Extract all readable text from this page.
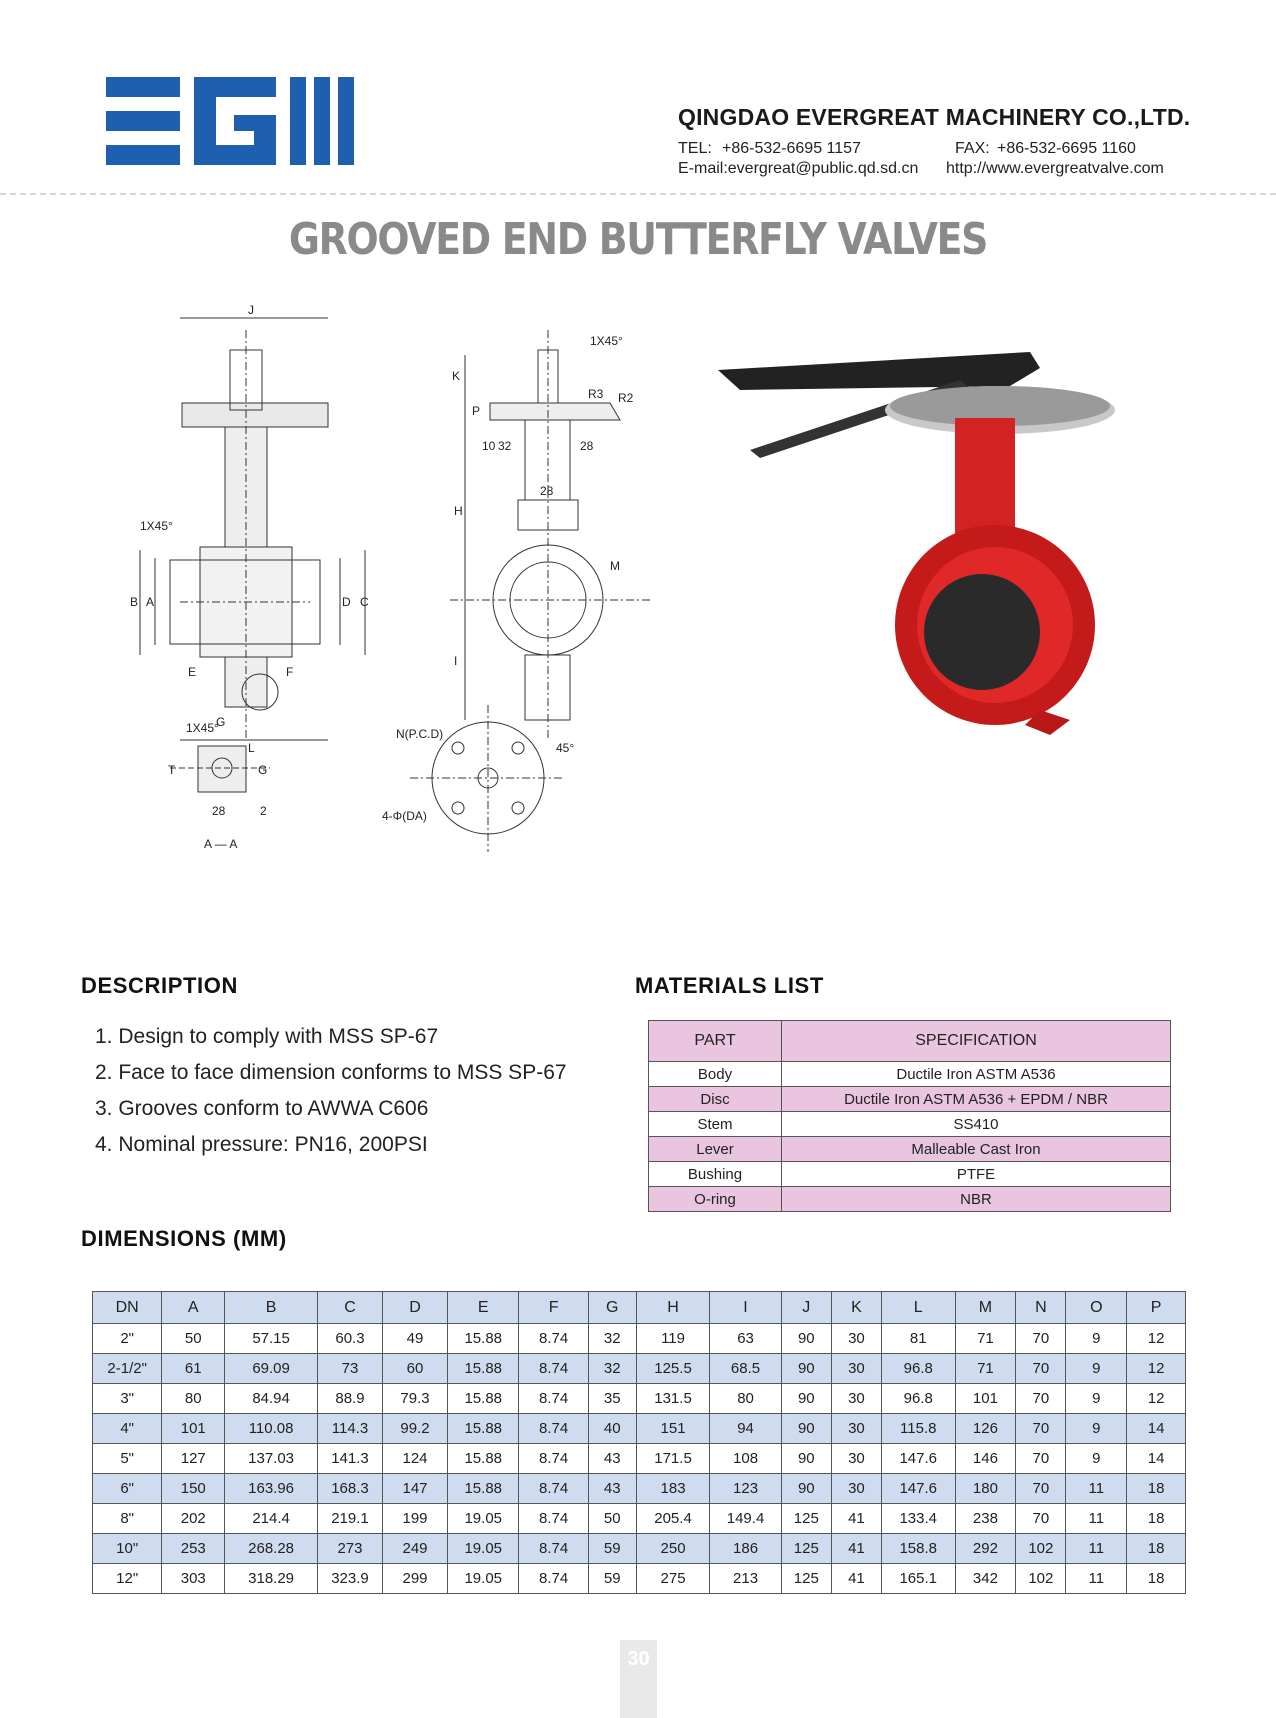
QINGDAO EVERGREAT MACHINERY CO.,LTD.
TEL: +86-532-6695 1157	FAX: +86-532-6695 1160
E-mail:evergreat@public.qd.sd.cn http://www.evergreatvalve.com
GROOVED END BUTTERFLY VALVES
J
1X45°
B A	D C
E	F
1X45°
L
K
P
10 32	28
28
H
I
M
1X45°
R3 R2
G
T	G
28	2
A — A
N(P.C.D)
4-Φ(DA)
45°
DESCRIPTION
1. Design to comply with MSS SP-67
2. Face to face dimension conforms to MSS SP-67
3. Grooves conform to AWWA C606
4. Nominal pressure: PN16, 200PSI
MATERIALS LIST
PART	SPECIFICATION
Body	Ductile Iron ASTM A536
Disc	Ductile Iron ASTM A536 + EPDM / NBR
Stem	SS410
Lever	Malleable Cast Iron
Bushing	PTFE
O-ring	NBR
DIMENSIONS (MM)
DN	A	B	C	D	E	F	G	H	I	J	K	L	M	N	O	P
2"	50	57.15	60.3	49	15.88	8.74	32	119	63	90	30	81	71	70	9	12
2-1/2"	61	69.09	73	60	15.88	8.74	32	125.5	68.5	90	30	96.8	71	70	9	12
3"	80	84.94	88.9	79.3	15.88	8.74	35	131.5	80	90	30	96.8	101	70	9	12
4"	101	110.08	114.3	99.2	15.88	8.74	40	151	94	90	30	115.8	126	70	9	14
5"	127	137.03	141.3	124	15.88	8.74	43	171.5	108	90	30	147.6	146	70	9	14
6"	150	163.96	168.3	147	15.88	8.74	43	183	123	90	30	147.6	180	70	11	18
8"	202	214.4	219.1	199	19.05	8.74	50	205.4	149.4	125	41	133.4	238	70	11	18
10"	253	268.28	273	249	19.05	8.74	59	250	186	125	41	158.8	292	102	11	18
12"	303	318.29	323.9	299	19.05	8.74	59	275	213	125	41	165.1	342	102	11	18
30
